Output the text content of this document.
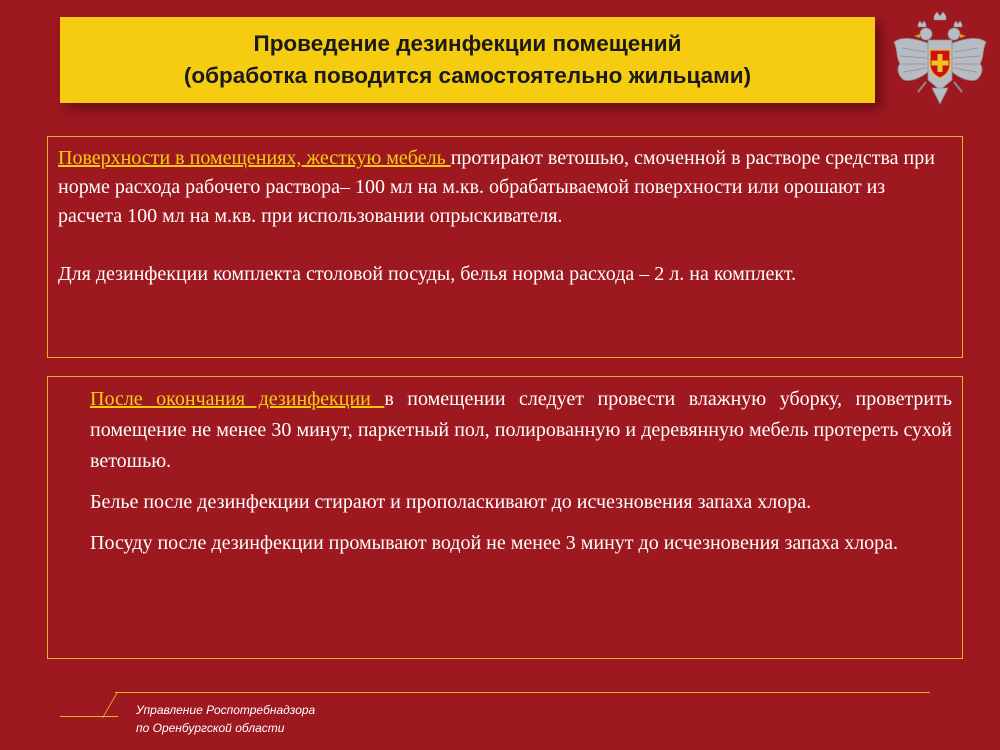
Проведение дезинфекции помещений
(обработка поводится самостоятельно жильцами)

Поверхности в помещениях, жесткую мебель протирают ветошью, смоченной в растворе средства при норме расхода рабочего раствора– 100 мл на м.кв. обрабатываемой поверхности или орошают из расчета 100 мл на м.кв. при использовании опрыскивателя.

Для дезинфекции комплекта столовой посуды, белья норма расхода – 2 л. на комплект.

После окончания дезинфекции в помещении следует провести влажную уборку, проветрить помещение не менее 30 минут, паркетный пол, полированную и деревянную мебель протереть сухой ветошью.

Белье после дезинфекции стирают и прополаскивают до исчезновения запаха хлора.

Посуду после дезинфекции промывают водой не менее 3 минут до исчезновения запаха хлора.

Управление Роспотребнадзора
по Оренбургской области
